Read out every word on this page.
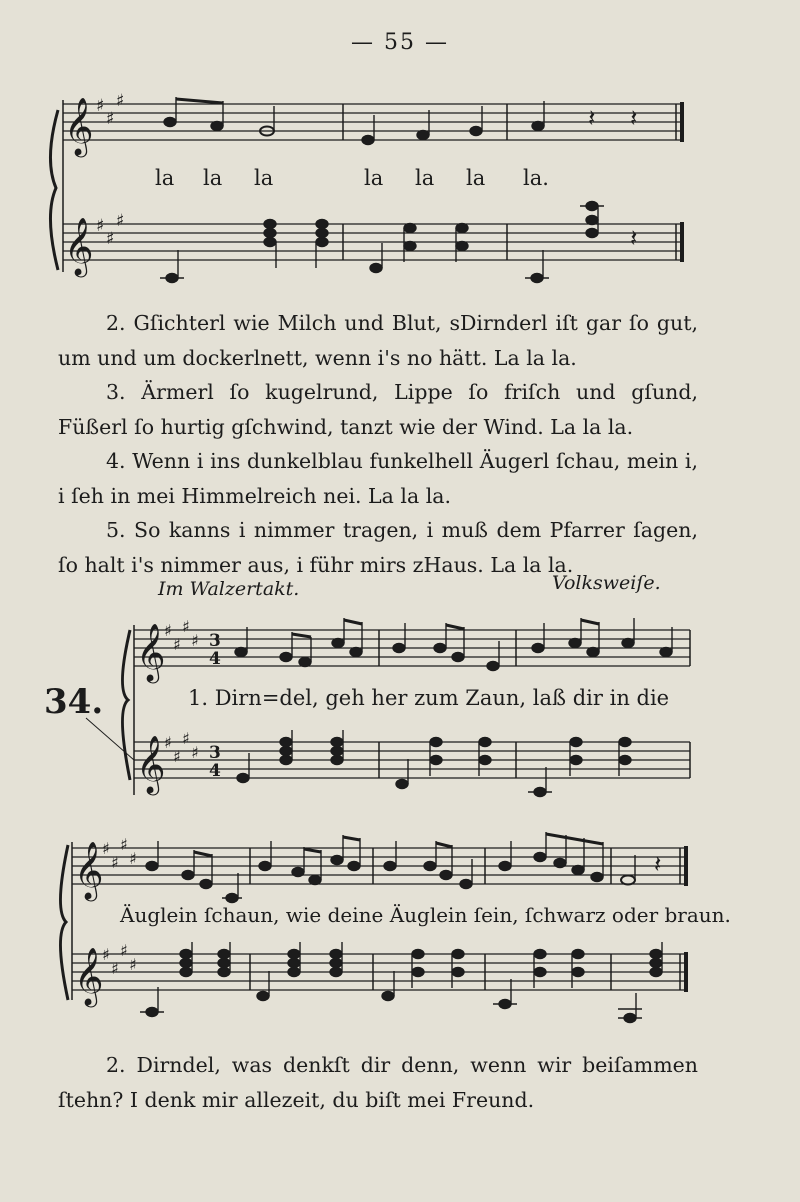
— 55 —
𝄞
𝄞
♯
♯
♯
♯
♯
♯
𝄽 𝄽
𝄽
la la la	la la la la.

2. Gſichterl wie Milch und Blut, sDirnderl iſt gar ſo gut, um und um dockerlnett, wenn i's no hätt. La la la.

3. Ärmerl ſo kugelrund, Lippe ſo friſch und gſund, Füßerl ſo hurtig gſchwind, tanzt wie der Wind. La la la.

4. Wenn i ins dunkelblau funkelhell Äugerl ſchau, mein i, i ſeh in mei Himmelreich nei. La la la.

5. So kanns i nimmer tragen, i muß dem Pfarrer ſagen, ſo halt i's nimmer aus, i führ mirs zHaus. La la la.

Im Walzertakt.	Volksweiſe.
34.
𝄞
𝄞
♯
♯
♯
♯
♯
♯
♯
♯
3
4
3
4
1. Dirn=del, geh her zum Zaun, laß dir in die
𝄞
𝄞
♯
♯
♯
♯
♯
♯
♯
♯
𝄽
Äuglein ſchaun, wie deine Äuglein ſein, ſchwarz oder braun.

2. Dirndel, was denkſt dir denn, wenn wir beiſammen ſtehn? I denk mir allezeit, du biſt mei Freund.
